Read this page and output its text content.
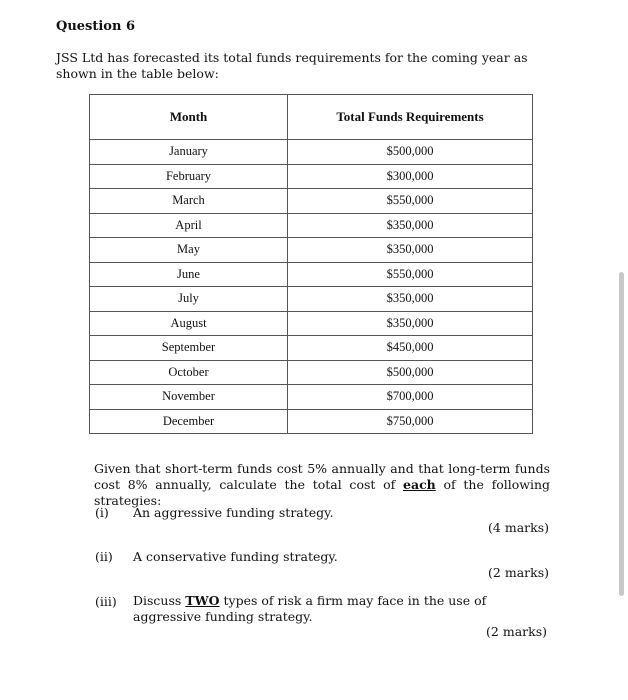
Question 6
JSS Ltd has forecasted its total funds requirements for the coming year as shown in the table below:
Month	Total Funds Requirements
January	$500,000
February	$300,000
March	$550,000
April	$350,000
May	$350,000
June	$550,000
July	$350,000
August	$350,000
September	$450,000
October	$500,000
November	$700,000
December	$750,000
Given that short-term funds cost 5% annually and that long-term funds cost 8% annually, calculate the total cost of each of the following strategies:
(i) An aggressive funding strategy.
(4 marks)
(ii) A conservative funding strategy.
(2 marks)
(iii) Discuss TWO types of risk a firm may face in the use of aggressive funding strategy.
(2 marks)
